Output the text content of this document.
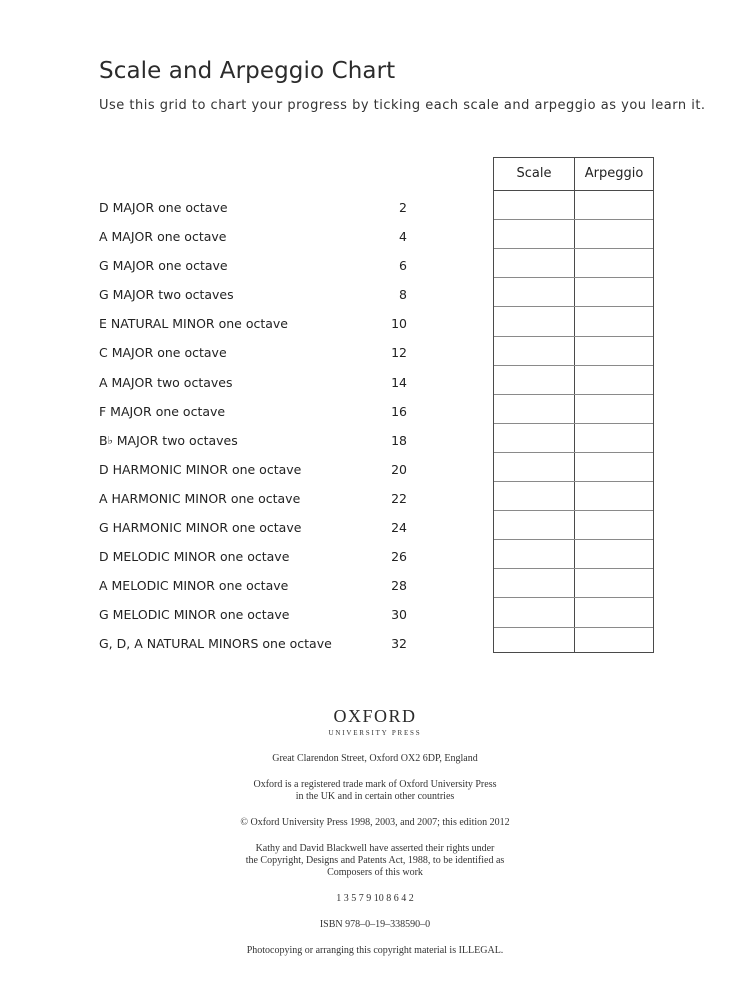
Scale and Arpeggio Chart

Use this grid to chart your progress by ticking each scale and arpeggio as you learn it.

D MAJOR one octave	2
A MAJOR one octave	4
G MAJOR one octave	6
G MAJOR two octaves	8
E NATURAL MINOR one octave	10
C MAJOR one octave	12
A MAJOR two octaves	14
F MAJOR one octave	16
B♭ MAJOR two octaves	18
D HARMONIC MINOR one octave	20
A HARMONIC MINOR one octave	22
G HARMONIC MINOR one octave	24
D MELODIC MINOR one octave	26
A MELODIC MINOR one octave	28
G MELODIC MINOR one octave	30
G, D, A NATURAL MINORS one octave	32
Scale	Arpeggio
OXFORD
UNIVERSITY PRESS
Great Clarendon Street, Oxford OX2 6DP, England
Oxford is a registered trade mark of Oxford University Press
in the UK and in certain other countries
© Oxford University Press 1998, 2003, and 2007; this edition 2012
Kathy and David Blackwell have asserted their rights under
the Copyright, Designs and Patents Act, 1988, to be identified as
Composers of this work
1 3 5 7 9 10 8 6 4 2
ISBN 978–0–19–338590–0
Photocopying or arranging this copyright material is ILLEGAL.
